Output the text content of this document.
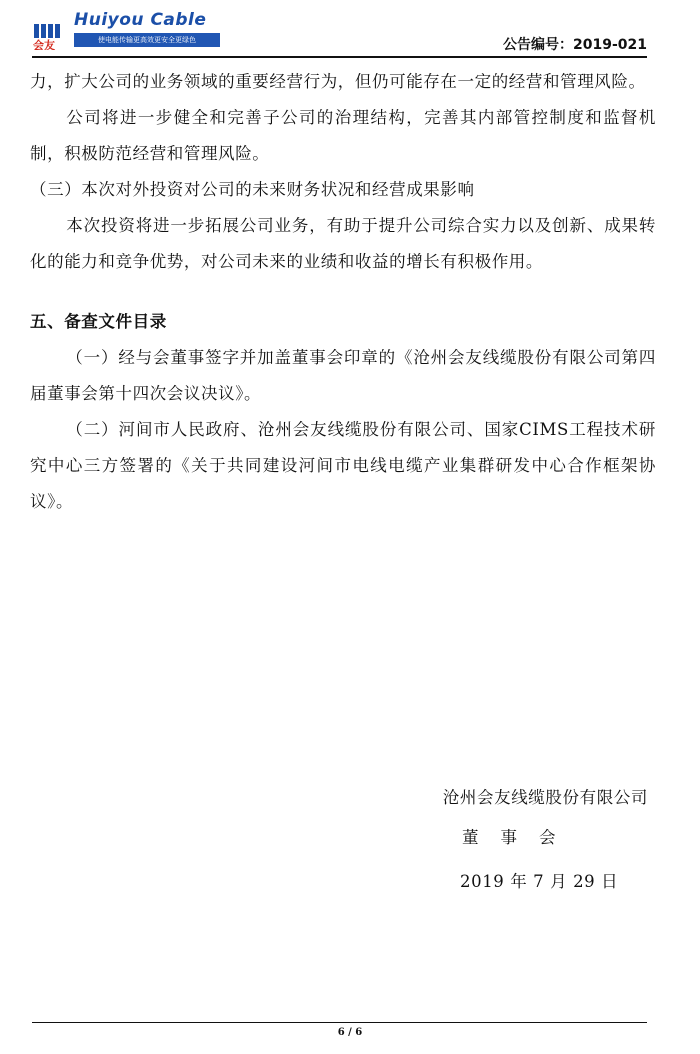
会友
Huiyou Cable
使电能传输更高效更安全更绿色	公告编号：2019-021

力，扩大公司的业务领域的重要经营行为，但仍可能存在一定的经营和管理风险。

公司将进一步健全和完善子公司的治理结构，完善其内部管控制度和监督机制，积极防范经营和管理风险。

（三）本次对外投资对公司的未来财务状况和经营成果影响

本次投资将进一步拓展公司业务，有助于提升公司综合实力以及创新、成果转化的能力和竞争优势，对公司未来的业绩和收益的增长有积极作用。

五、备查文件目录

（一）经与会董事签字并加盖董事会印章的《沧州会友线缆股份有限公司第四届董事会第十四次会议决议》。

（二）河间市人民政府、沧州会友线缆股份有限公司、国家CIMS工程技术研究中心三方签署的《关于共同建设河间市电线电缆产业集群研发中心合作框架协议》。

沧州会友线缆股份有限公司
董事会
2019 年 7 月 29 日
6 / 6
